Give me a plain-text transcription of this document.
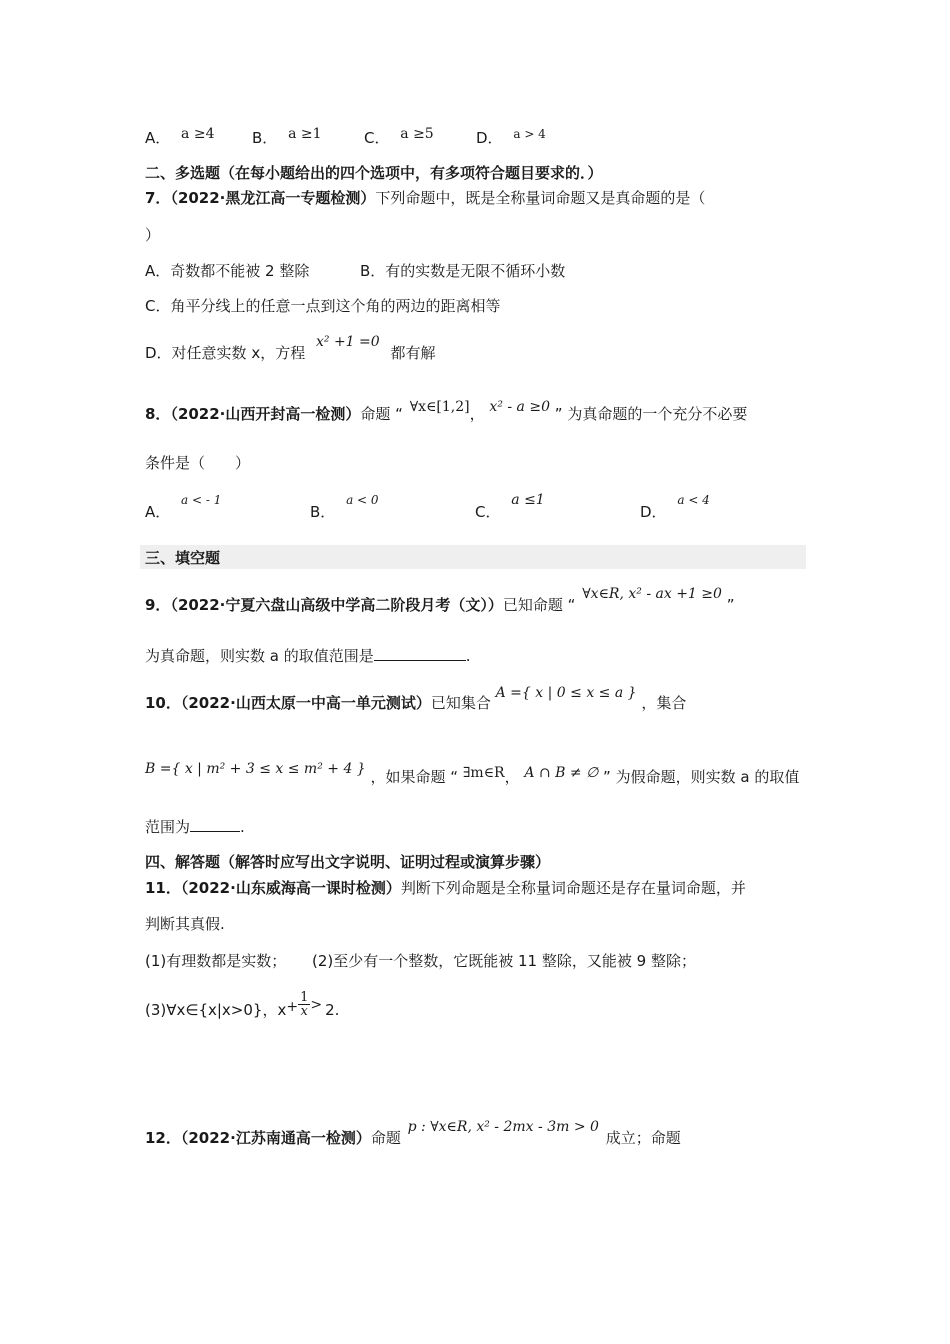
A． a ≥4	B． a ≥1	C． a ≥5	D． $^{a > 4}$
二、多选题（在每小题给出的四个选项中，有多项符合题目要求的．）
7．（2022·黑龙江高一专题检测）下列命题中，既是全称量词命题又是真命题的是（
）
A．奇数都不能被 2 整除	B．有的实数是无限不循环小数
C．角平分线上的任意一点到这个角的两边的距离相等
D．对任意实数 x，方程 x² +1 =0 都有解
8．（2022·山西开封高一检测）命题 “ ∀x∈[1,2]， x² - a ≥0 ” 为真命题的一个充分不必要
条件是（　　）
A． $^{a < - 1}$
B． $^{a < 0}$
C． a ≤1
D． $^{a < 4}$
三、填空题
9．（2022·宁夏六盘山高级中学高二阶段月考（文））已知命题 “ ∀x∈R, x² - ax +1 ≥0 ”
为真命题，则实数 a 的取值范围是	.
10．（2022·山西太原一中高一单元测试）已知集合 A ={ x | 0 ≤ x ≤ a } ，集合
B ={ x | m² + 3 ≤ x ≤ m² + 4 } ，如果命题 “ ∃m∈R， A ∩ B ≠ ∅ ” 为假命题，则实数 a 的取值
范围为	.
四、解答题（解答时应写出文字说明、证明过程或演算步骤）
11．（2022·山东威海高一课时检测）判断下列命题是全称量词命题还是存在量词命题，并
判断其真假.
(1)有理数都是实数； (2)至少有一个整数，它既能被 11 整除，又能被 9 整除；
(3)∀x∈{x|x>0}，$x+ \frac{1}{x} > 2$.
12．（2022·江苏南通高一检测）命题 p : ∀x∈R, x² - 2mx - 3m > 0 成立；命题
